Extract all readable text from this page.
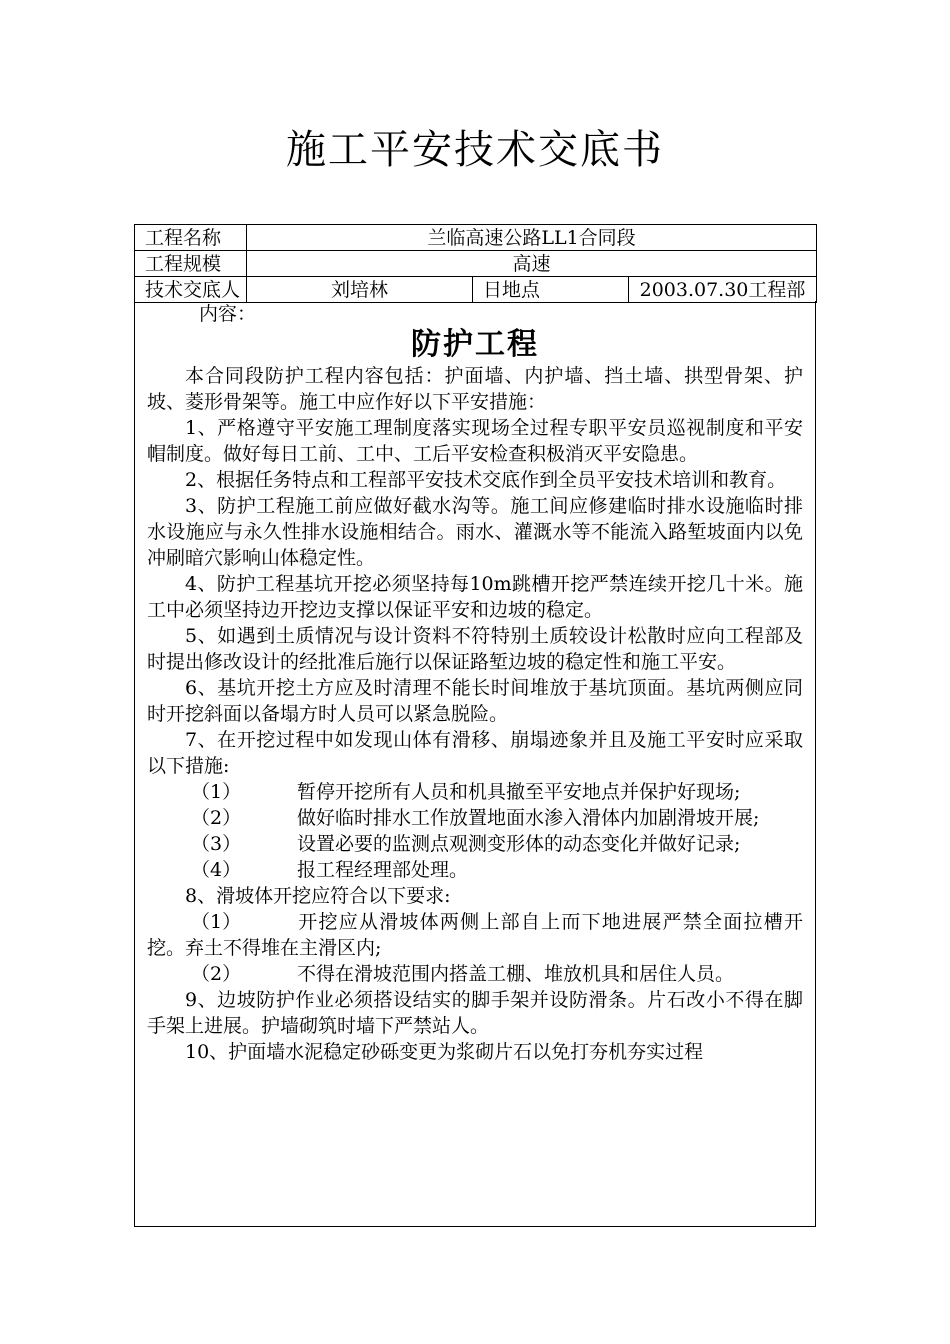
施工平安技术交底书
工程名称	兰临高速公路LL1合同段		
工程规模	高速		
技术交底人	刘培林	日地点	2003.07.30工程部

内容：

防护工程

本合同段防护工程内容包括：护面墙、内护墙、挡土墙、拱型骨架、护坡、菱形骨架等。施工中应作好以下平安措施：

1、严格遵守平安施工理制度落实现场全过程专职平安员巡视制度和平安帽制度。做好每日工前、工中、工后平安检查积极消灭平安隐患。

2、根据任务特点和工程部平安技术交底作到全员平安技术培训和教育。

3、防护工程施工前应做好截水沟等。施工间应修建临时排水设施临时排水设施应与永久性排水设施相结合。雨水、灌溉水等不能流入路堑坡面内以免冲刷暗穴影响山体稳定性。

4、防护工程基坑开挖必须坚持每10m跳槽开挖严禁连续开挖几十米。施工中必须坚持边开挖边支撑以保证平安和边坡的稳定。

5、如遇到土质情况与设计资料不符特别土质较设计松散时应向工程部及时提出修改设计的经批准后施行以保证路堑边坡的稳定性和施工平安。

6、基坑开挖土方应及时清理不能长时间堆放于基坑顶面。基坑两侧应同时开挖斜面以备塌方时人员可以紧急脱险。

7、在开挖过程中如发现山体有滑移、崩塌迹象并且及施工平安时应采取以下措施:

（1）	暂停开挖所有人员和机具撤至平安地点并保护好现场;

（2）	做好临时排水工作放置地面水渗入滑体内加剧滑坡开展;

（3）	设置必要的监测点观测变形体的动态变化并做好记录;

（4）	报工程经理部处理。

8、滑坡体开挖应符合以下要求:

（1）	开挖应从滑坡体两侧上部自上而下地进展严禁全面拉槽开挖。弃土不得堆在主滑区内;

（2）	不得在滑坡范围内搭盖工棚、堆放机具和居住人员。

9、边坡防护作业必须搭设结实的脚手架并设防滑条。片石改小不得在脚手架上进展。护墙砌筑时墙下严禁站人。

10、护面墙水泥稳定砂砾变更为浆砌片石以免打夯机夯实过程
